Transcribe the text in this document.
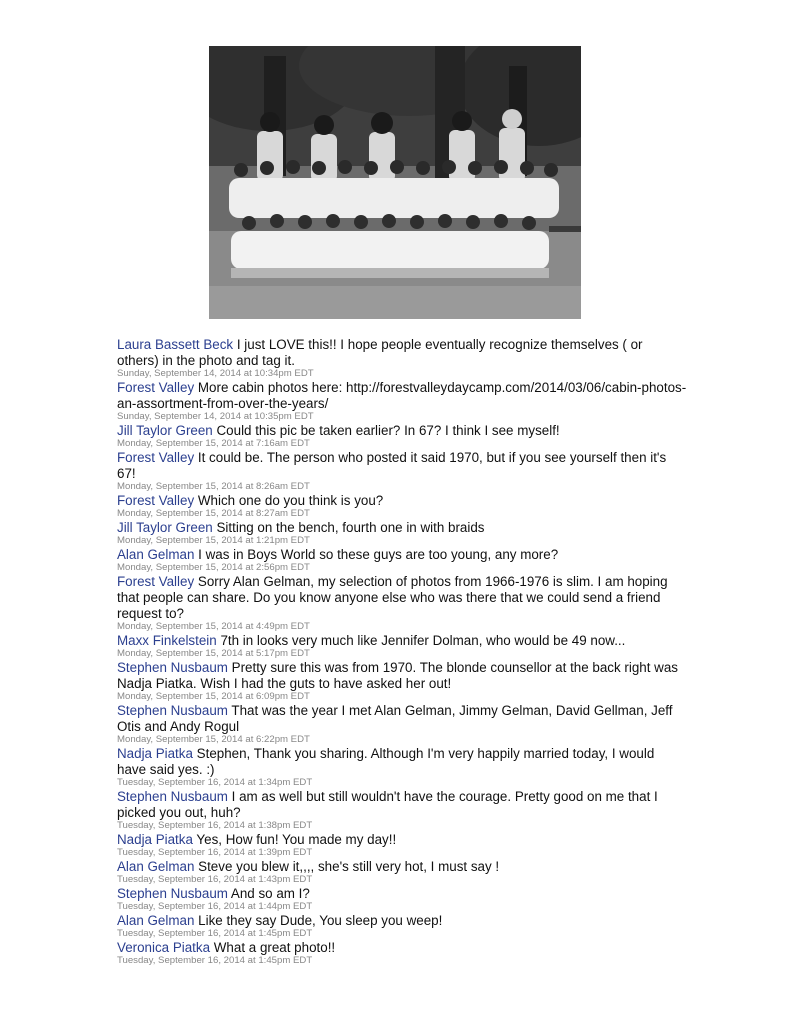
Laura Bassett Beck I just LOVE this!! I hope people eventually recognize themselves ( or others) in the photo and tag it.
Sunday, September 14, 2014 at 10:34pm EDT
Forest Valley More cabin photos here: http://forestvalleydaycamp.com/2014/03/06/cabin-photos-an-assortment-from-over-the-years/
Sunday, September 14, 2014 at 10:35pm EDT
Jill Taylor Green Could this pic be taken earlier? In 67? I think I see myself!
Monday, September 15, 2014 at 7:16am EDT
Forest Valley It could be. The person who posted it said 1970, but if you see yourself then it's 67!
Monday, September 15, 2014 at 8:26am EDT
Forest Valley Which one do you think is you?
Monday, September 15, 2014 at 8:27am EDT
Jill Taylor Green Sitting on the bench, fourth one in with braids
Monday, September 15, 2014 at 1:21pm EDT
Alan Gelman I was in Boys World so these guys are too young, any more?
Monday, September 15, 2014 at 2:56pm EDT
Forest Valley Sorry Alan Gelman, my selection of photos from 1966-1976 is slim. I am hoping that people can share. Do you know anyone else who was there that we could send a friend request to?
Monday, September 15, 2014 at 4:49pm EDT
Maxx Finkelstein 7th in looks very much like Jennifer Dolman, who would be 49 now...
Monday, September 15, 2014 at 5:17pm EDT
Stephen Nusbaum Pretty sure this was from 1970. The blonde counsellor at the back right was Nadja Piatka. Wish I had the guts to have asked her out!
Monday, September 15, 2014 at 6:09pm EDT
Stephen Nusbaum That was the year I met Alan Gelman, Jimmy Gelman, David Gellman, Jeff Otis and Andy Rogul
Monday, September 15, 2014 at 6:22pm EDT
Nadja Piatka Stephen, Thank you sharing. Although I'm very happily married today, I would have said yes. :)
Tuesday, September 16, 2014 at 1:34pm EDT
Stephen Nusbaum I am as well but still wouldn't have the courage. Pretty good on me that I picked you out, huh?
Tuesday, September 16, 2014 at 1:38pm EDT
Nadja Piatka Yes, How fun! You made my day!!
Tuesday, September 16, 2014 at 1:39pm EDT
Alan Gelman Steve you blew it,,,, she's still very hot, I must say !
Tuesday, September 16, 2014 at 1:43pm EDT
Stephen Nusbaum And so am I?
Tuesday, September 16, 2014 at 1:44pm EDT
Alan Gelman Like they say Dude, You sleep you weep!
Tuesday, September 16, 2014 at 1:45pm EDT
Veronica Piatka What a great photo!!
Tuesday, September 16, 2014 at 1:45pm EDT
